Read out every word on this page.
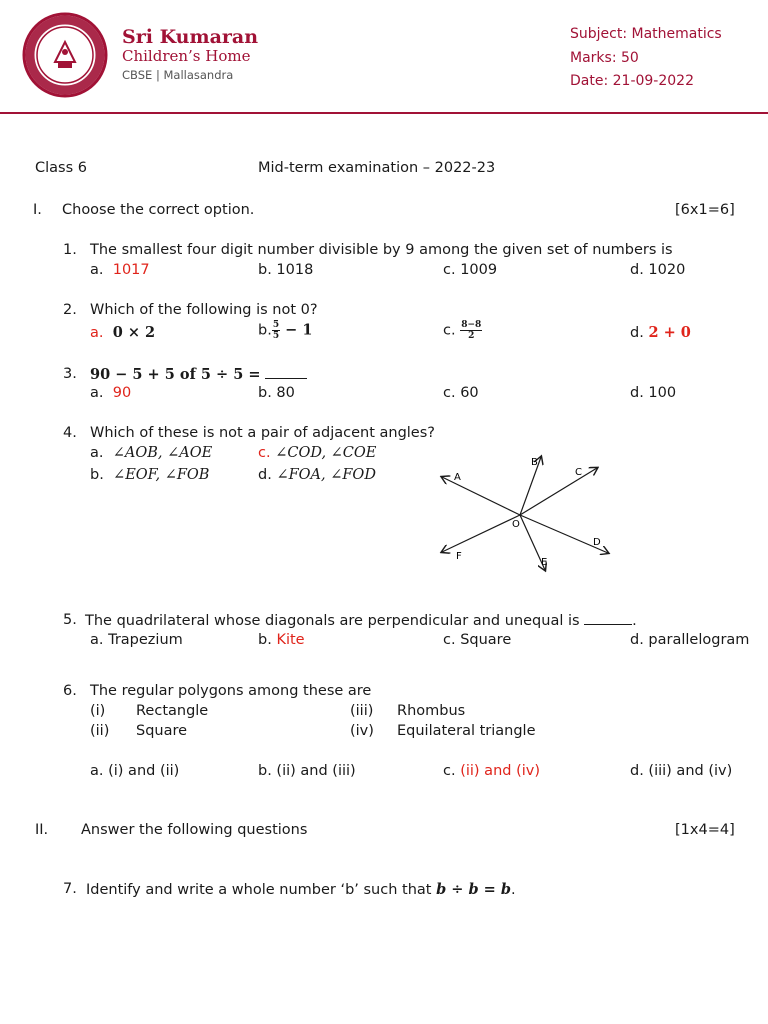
Sri Kumaran
Children’s Home
CBSE | Mallasandra
Subject: Mathematics
Marks: 50
Date: 21-09-2022
Class 6	Mid-term examination – 2022-23
I. Choose the correct option.	[6x1=6]
1. The smallest four digit number divisible by 9 among the given set of numbers is
a. 1017	b. 1018	c. 1009	d. 1020
2. Which of the following is not 0?
a. 0 × 2	b. $\frac{5}{5} - 1$	c. $\frac{8-8}{2}$	d. 2 + 0
3. 90 − 5 + 5 of 5 ÷ 5 =
a. 90	b. 80	c. 60	d. 100
4. Which of these is not a pair of adjacent angles?
a. ∠AOB, ∠AOE	c. ∠COD, ∠COE
b. ∠EOF, ∠FOB	d. ∠FOA, ∠FOD	A
B
C
D
E
F
O
5. The quadrilateral whose diagonals are perpendicular and unequal is	.
a. Trapezium	b. Kite	c. Square	d. parallelogram
6. The regular polygons among these are
(i) Rectangle	(iii) Rhombus
(ii) Square	(iv) Equilateral triangle
a. (i) and (ii)	b. (ii) and (iii)	c. (ii) and (iv)	d. (iii) and (iv)
II. Answer the following questions	[1x4=4]
7. Identify and write a whole number ‘b’ such that b ÷ b = b.
